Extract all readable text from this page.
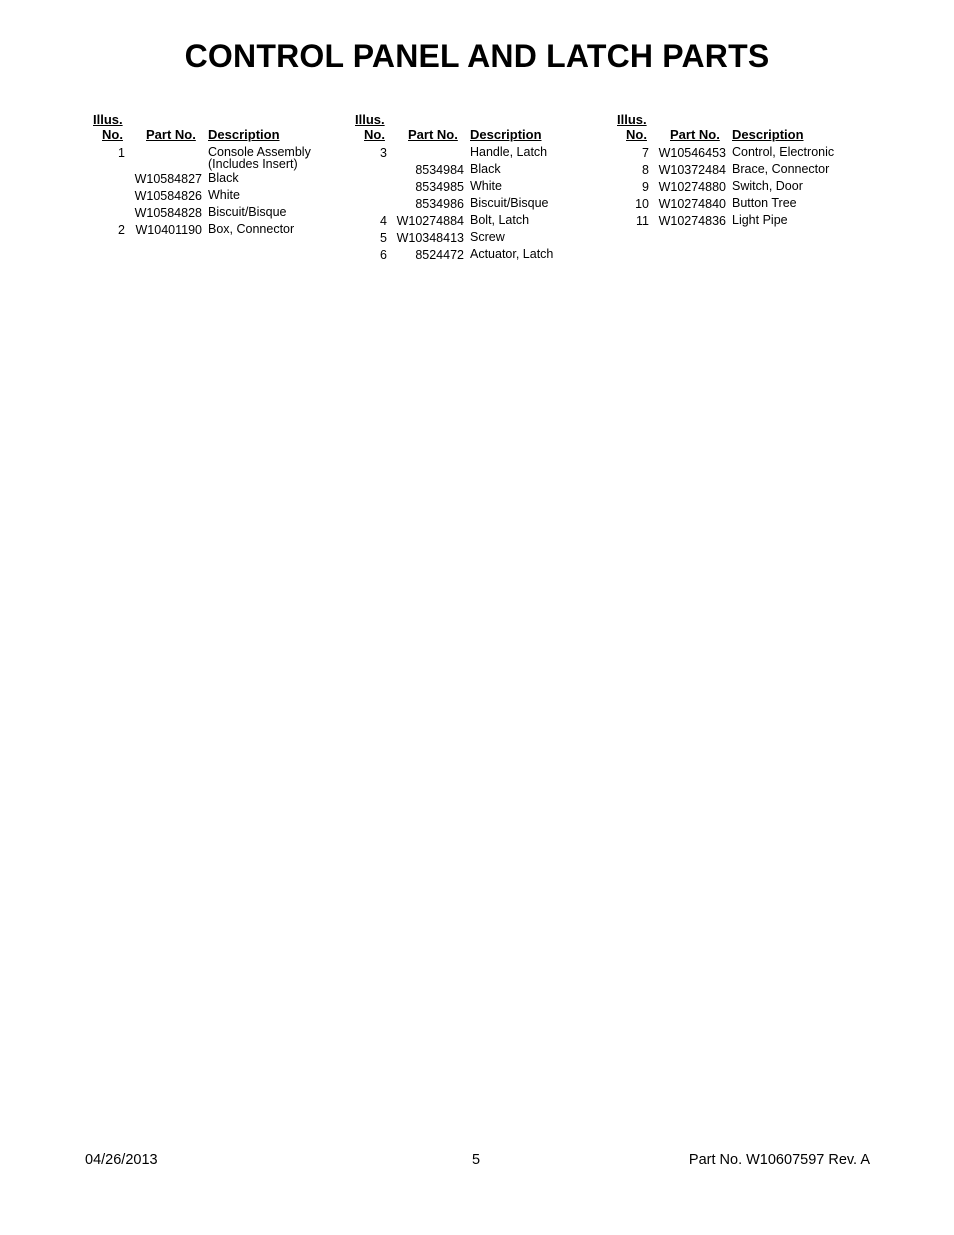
CONTROL PANEL AND LATCH PARTS
Illus.
No. Part No. Description
1	Console Assembly
(Includes Insert)
W10584827 Black
W10584826 White
W10584828 Biscuit/Bisque
2 W10401190 Box, Connector
Illus.
No. Part No. Description
3	Handle, Latch
8534984 Black
8534985 White
8534986 Biscuit/Bisque
4 W10274884 Bolt, Latch
5 W10348413 Screw
6	8524472 Actuator, Latch
Illus.
No. Part No. Description
7 W10546453 Control, Electronic
8 W10372484 Brace, Connector
9 W10274880 Switch, Door
10 W10274840 Button Tree
11 W10274836 Light Pipe
04/26/2013	5	Part No. W10607597 Rev. A
